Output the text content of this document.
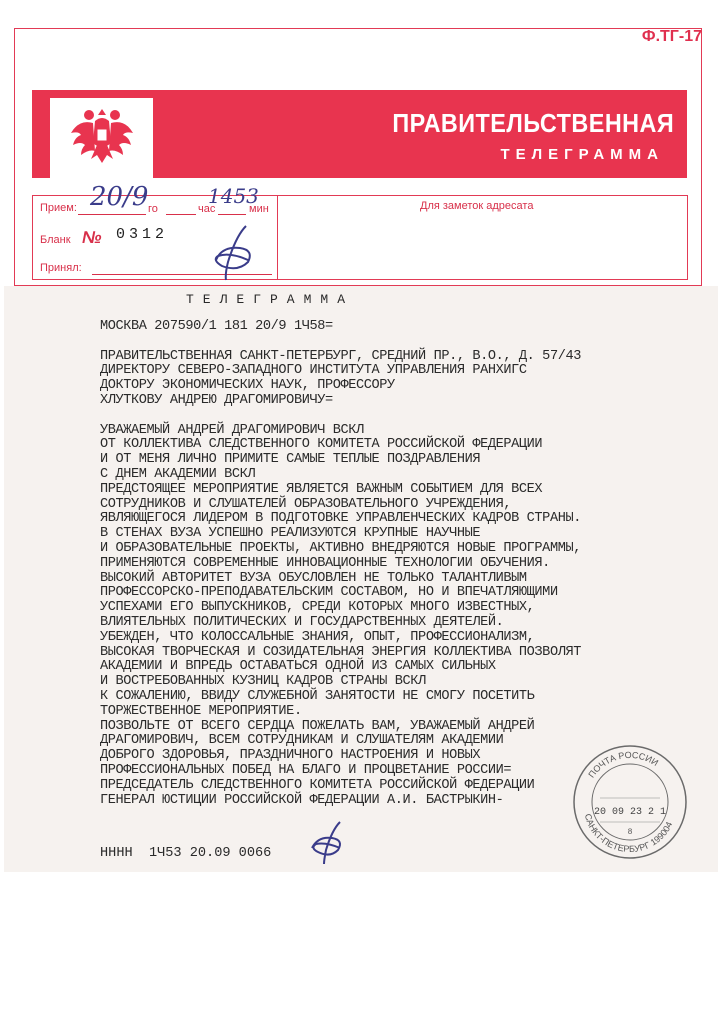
Ф.ТГ-17
ПРАВИТЕЛЬСТВЕННАЯ
ТЕЛЕГРАММА
Прием:	го	час	мин
20/9	1453
Бланк № 0312
Принял:
Для заметок адресата
ТЕЛЕГРАММА
МОСКВА 207590/1 181 20/9 1Ч58=
ПРАВИТЕЛЬСТВЕННАЯ САНКТ-ПЕТЕРБУРГ, СРЕДНИЙ ПР., В.О., Д. 57/43
ДИРЕКТОРУ СЕВЕРО-ЗАПАДНОГО ИНСТИТУТА УПРАВЛЕНИЯ РАНХИГС
ДОКТОРУ ЭКОНОМИЧЕСКИХ НАУК, ПРОФЕССОРУ
ХЛУТКОВУ АНДРЕЮ ДРАГОМИРОВИЧУ=
УВАЖАЕМЫЙ АНДРЕЙ ДРАГОМИРОВИЧ ВСКЛ
ОТ КОЛЛЕКТИВА СЛЕДСТВЕННОГО КОМИТЕТА РОССИЙСКОЙ ФЕДЕРАЦИИ
И ОТ МЕНЯ ЛИЧНО ПРИМИТЕ САМЫЕ ТЕПЛЫЕ ПОЗДРАВЛЕНИЯ
С ДНЕМ АКАДЕМИИ ВСКЛ
ПРЕДСТОЯЩЕЕ МЕРОПРИЯТИЕ ЯВЛЯЕТСЯ ВАЖНЫМ СОБЫТИЕМ ДЛЯ ВСЕХ
СОТРУДНИКОВ И СЛУШАТЕЛЕЙ ОБРАЗОВАТЕЛЬНОГО УЧРЕЖДЕНИЯ,
ЯВЛЯЮЩЕГОСЯ ЛИДЕРОМ В ПОДГОТОВКЕ УПРАВЛЕНЧЕСКИХ КАДРОВ СТРАНЫ.
В СТЕНАХ ВУЗА УСПЕШНО РЕАЛИЗУЮТСЯ КРУПНЫЕ НАУЧНЫЕ
И ОБРАЗОВАТЕЛЬНЫЕ ПРОЕКТЫ, АКТИВНО ВНЕДРЯЮТСЯ НОВЫЕ ПРОГРАММЫ,
ПРИМЕНЯЮТСЯ СОВРЕМЕННЫЕ ИННОВАЦИОННЫЕ ТЕХНОЛОГИИ ОБУЧЕНИЯ.
ВЫСОКИЙ АВТОРИТЕТ ВУЗА ОБУСЛОВЛЕН НЕ ТОЛЬКО ТАЛАНТЛИВЫМ
ПРОФЕССОРСКО-ПРЕПОДАВАТЕЛЬСКИМ СОСТАВОМ, НО И ВПЕЧАТЛЯЮЩИМИ
УСПЕХАМИ ЕГО ВЫПУСКНИКОВ, СРЕДИ КОТОРЫХ МНОГО ИЗВЕСТНЫХ,
ВЛИЯТЕЛЬНЫХ ПОЛИТИЧЕСКИХ И ГОСУДАРСТВЕННЫХ ДЕЯТЕЛЕЙ.
УБЕЖДЕН, ЧТО КОЛОССАЛЬНЫЕ ЗНАНИЯ, ОПЫТ, ПРОФЕССИОНАЛИЗМ,
ВЫСОКАЯ ТВОРЧЕСКАЯ И СОЗИДАТЕЛЬНАЯ ЭНЕРГИЯ КОЛЛЕКТИВА ПОЗВОЛЯТ
АКАДЕМИИ И ВПРЕДЬ ОСТАВАТЬСЯ ОДНОЙ ИЗ САМЫХ СИЛЬНЫХ
И ВОСТРЕБОВАННЫХ КУЗНИЦ КАДРОВ СТРАНЫ ВСКЛ
К СОЖАЛЕНИЮ, ВВИДУ СЛУЖЕБНОЙ ЗАНЯТОСТИ НЕ СМОГУ ПОСЕТИТЬ
ТОРЖЕСТВЕННОЕ МЕРОПРИЯТИЕ.
ПОЗВОЛЬТЕ ОТ ВСЕГО СЕРДЦА ПОЖЕЛАТЬ ВАМ, УВАЖАЕМЫЙ АНДРЕЙ
ДРАГОМИРОВИЧ, ВСЕМ СОТРУДНИКАМ И СЛУШАТЕЛЯМ АКАДЕМИИ
ДОБРОГО ЗДОРОВЬЯ, ПРАЗДНИЧНОГО НАСТРОЕНИЯ И НОВЫХ
ПРОФЕССИОНАЛЬНЫХ ПОБЕД НА БЛАГО И ПРОЦВЕТАНИЕ РОССИИ=
ПРЕДСЕДАТЕЛЬ СЛЕДСТВЕННОГО КОМИТЕТА РОССИЙСКОЙ ФЕДЕРАЦИИ
ГЕНЕРАЛ ЮСТИЦИИ РОССИЙСКОЙ ФЕДЕРАЦИИ А.И. БАСТРЫКИН-
ПОЧТА РОССИИ
САНКТ-ПЕТЕРБУРГ 199004
20 09 23 2 1
8
НННН  1Ч53 20.09 0066
